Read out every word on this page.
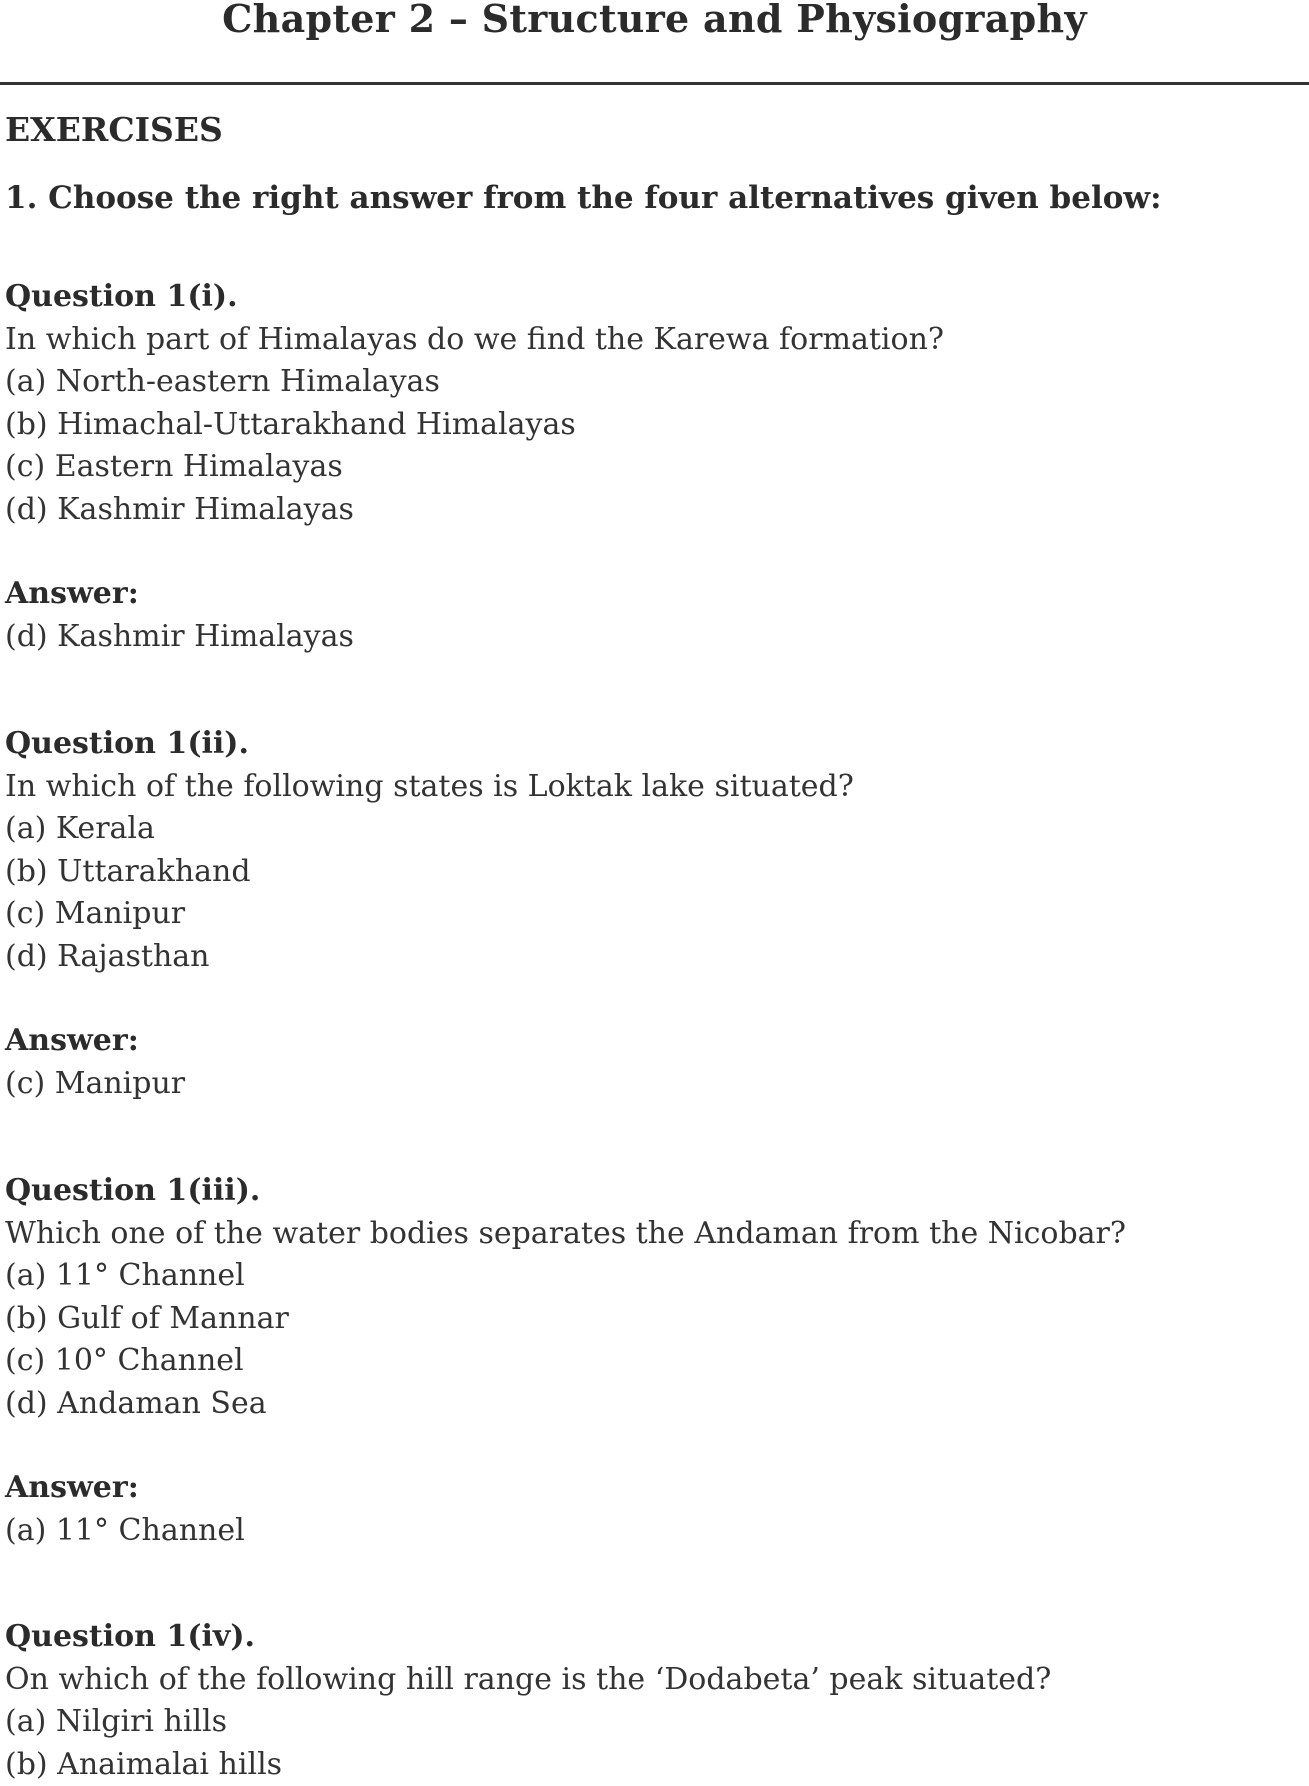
Chapter 2 – Structure and Physiography
EXERCISES
1. Choose the right answer from the four alternatives given below:
Question 1(i).
In which part of Himalayas do we find the Karewa formation?
(a) North-eastern Himalayas
(b) Himachal-Uttarakhand Himalayas
(c) Eastern Himalayas
(d) Kashmir Himalayas
Answer:
(d) Kashmir Himalayas
Question 1(ii).
In which of the following states is Loktak lake situated?
(a) Kerala
(b) Uttarakhand
(c) Manipur
(d) Rajasthan
Answer:
(c) Manipur
Question 1(iii).
Which one of the water bodies separates the Andaman from the Nicobar?
(a) 11° Channel
(b) Gulf of Mannar
(c) 10° Channel
(d) Andaman Sea
Answer:
(a) 11° Channel
Question 1(iv).
On which of the following hill range is the ‘Dodabeta’ peak situated?
(a) Nilgiri hills
(b) Anaimalai hills
